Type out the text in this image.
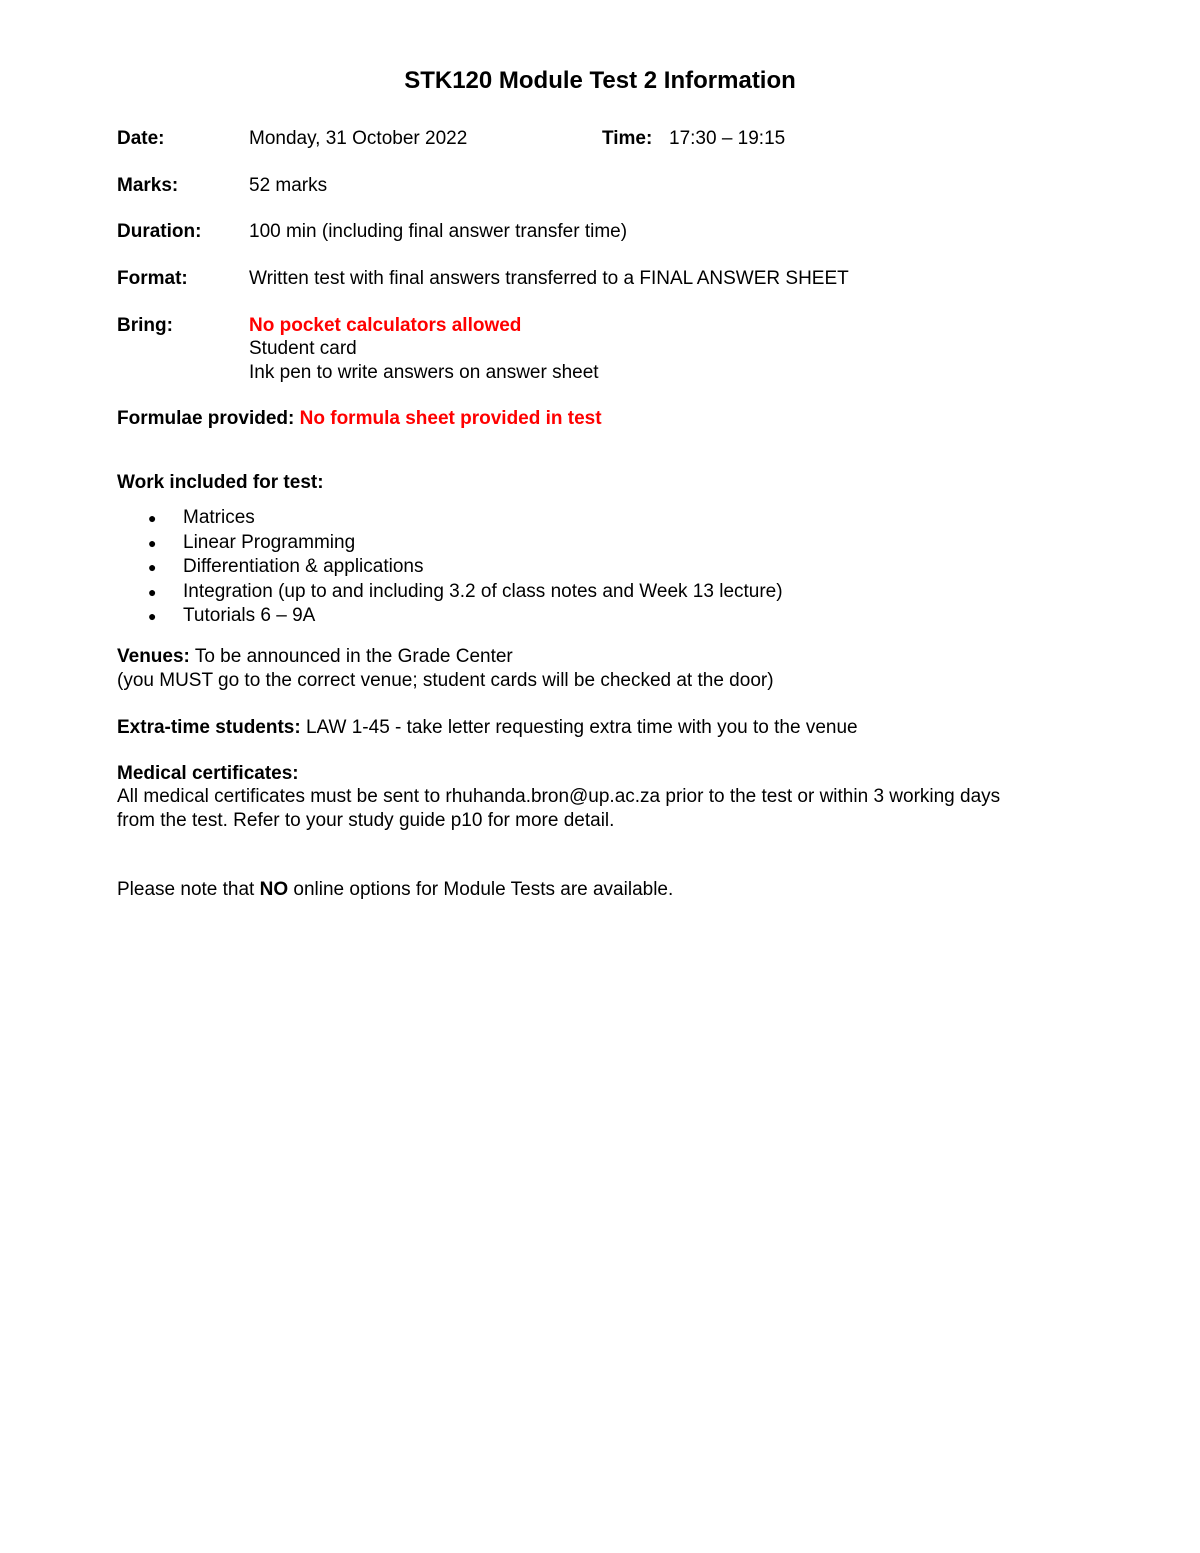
STK120 Module Test 2 Information
Date:	Monday, 31 October 2022	Time: 17:30 – 19:15
Marks:	52 marks
Duration:	100 min (including final answer transfer time)
Format:	Written test with final answers transferred to a FINAL ANSWER SHEET
Bring:	No pocket calculators allowed
Student card
Ink pen to write answers on answer sheet
Formulae provided: No formula sheet provided in test
Work included for test:
● Matrices
● Linear Programming
● Differentiation & applications
● Integration (up to and including 3.2 of class notes and Week 13 lecture)
● Tutorials 6 – 9A
Venues: To be announced in the Grade Center
(you MUST go to the correct venue; student cards will be checked at the door)
Extra-time students: LAW 1-45 - take letter requesting extra time with you to the venue
Medical certificates:
All medical certificates must be sent to rhuhanda.bron@up.ac.za prior to the test or within 3 working days
from the test. Refer to your study guide p10 for more detail.
Please note that NO online options for Module Tests are available.
